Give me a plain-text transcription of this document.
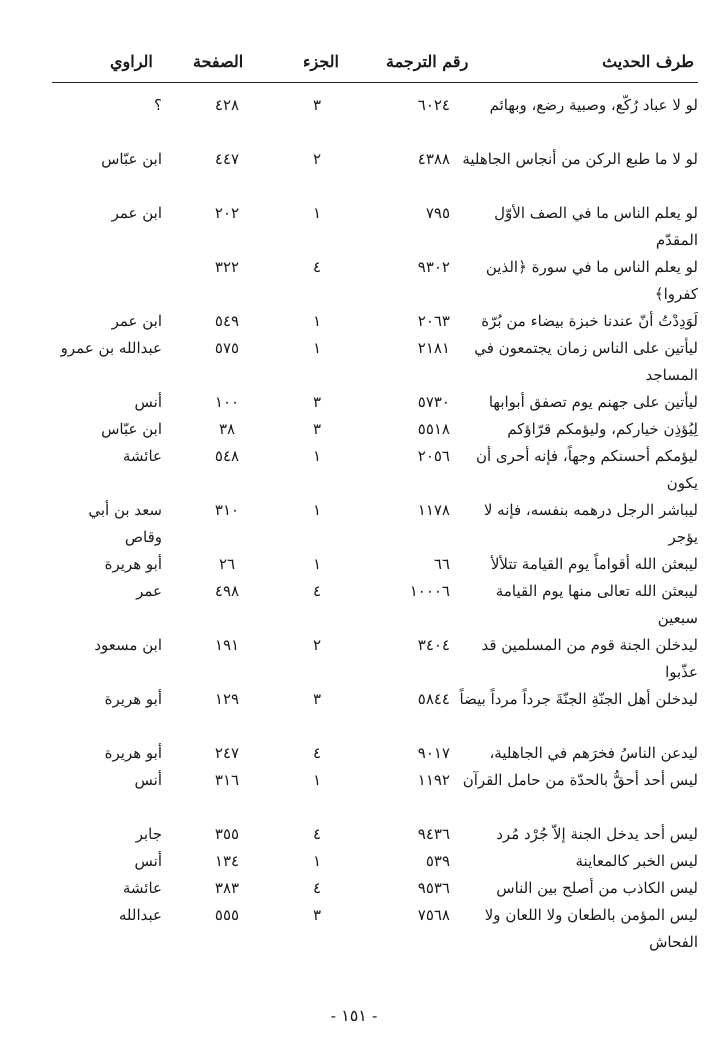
طرف الحديث
رقم الترجمة
الجزء
الصفحة
الراوي
لو لا عباد رُكّع، وصبية رضع، وبهائم
٦٠٢٤
٣
٤٢٨
؟
لو لا ما طبع الركن من أنجاس الجاهلية
٤٣٨٨
٢
٤٤٧
ابن عبّاس
لو يعلم الناس ما في الصف الأوّل المقدّم
٧٩٥
١
٢٠٢
ابن عمر
لو يعلم الناس ما في سورة ﴿الذين كفروا﴾
٩٣٠٢
٤
٣٢٢
لَوَدِدْتُ أنّ عندنا خبزة بيضاء من بُرّة
٢٠٦٣
١
٥٤٩
ابن عمر
ليأتين على الناس زمان يجتمعون في المساجد
٢١٨١
١
٥٧٥
عبدالله بن عمرو
ليأتين على جهنم يوم تصفق أبوابها
٥٧٣٠
٣
١٠٠
أنس
لِيُؤذِن خياركم، وليؤمكم قرّاؤكم
٥٥١٨
٣
٣٨
ابن عبّاس
ليؤمكم أحسنكم وجهاً، فإنه أحرى أن يكون
٢٠٥٦
١
٥٤٨
عائشة
ليباشر الرجل درهمه بنفسه، فإنه لا يؤجر
١١٧٨
١
٣١٠
سعد بن أبي وقاص
ليبعثن الله أقواماً يوم القيامة تتلألأ
٦٦
١
٢٦
أبو هريرة
ليبعثن الله تعالى منها يوم القيامة سبعين
١٠٠٠٦
٤
٤٩٨
عمر
ليدخلن الجنة قوم من المسلمين قد عذّبوا
٣٤٠٤
٢
١٩١
ابن مسعود
ليدخلن أهل الجنّةِ الجنّةَ جرداً مرداً بيضاً
٥٨٤٤
٣
١٢٩
أبو هريرة
ليدعن الناسُ فخرَهم في الجاهلية،
٩٠١٧
٤
٢٤٧
أبو هريرة
ليس أحد أحقُّ بالحدّة من حامل القرآن
١١٩٢
١
٣١٦
أنس
ليس أحد يدخل الجنة إلاّ جُرْد مُرد
٩٤٣٦
٤
٣٥٥
جابر
ليس الخبر كالمعاينة
٥٣٩
١
١٣٤
أنس
ليس الكاذب من أصلح بين الناس
٩٥٣٦
٤
٣٨٣
عائشة
ليس المؤمن بالطعان ولا اللعان ولا الفحاش
٧٥٦٨
٣
٥٥٥
عبدالله
- ١٥١ -
